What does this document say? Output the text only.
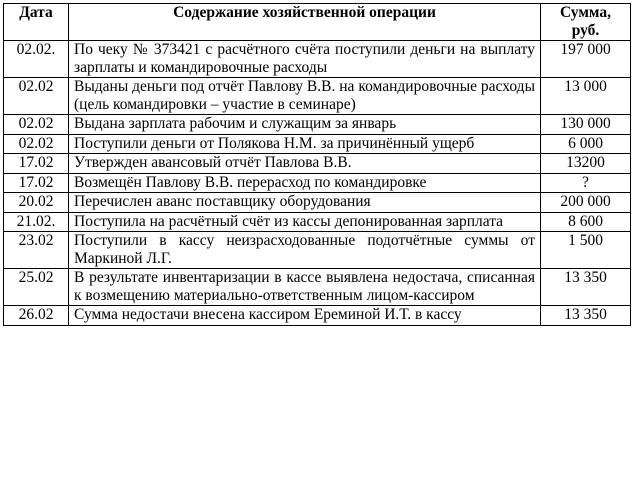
Дата	Содержание хозяйственной операции	Сумма, руб.
02.02.	По чеку № 373421 с расчётного счёта поступили деньги на выплату зарплаты и командировочные расходы	197 000
02.02	Выданы деньги под отчёт Павлову В.В. на командировочные расходы (цель командировки – участие в семинаре)	13 000
02.02	Выдана зарплата рабочим и служащим за январь	130 000
02.02	Поступили деньги от Полякова Н.М. за причинённый ущерб	6 000
17.02	Утвержден авансовый отчёт Павлова В.В.	13200
17.02	Возмещён Павлову В.В. перерасход по командировке	?
20.02	Перечислен аванс поставщику оборудования	200 000
21.02.	Поступила на расчётный счёт из кассы депонированная зарплата	8 600
23.02	Поступили в кассу неизрасходованные подотчётные суммы от Маркиной Л.Г.	1 500
25.02	В результате инвентаризации в кассе выявлена недостача, списанная к возмещению материально-ответственным лицом-кассиром	13 350
26.02	Сумма недостачи внесена кассиром Ереминой И.Т. в кассу	13 350
